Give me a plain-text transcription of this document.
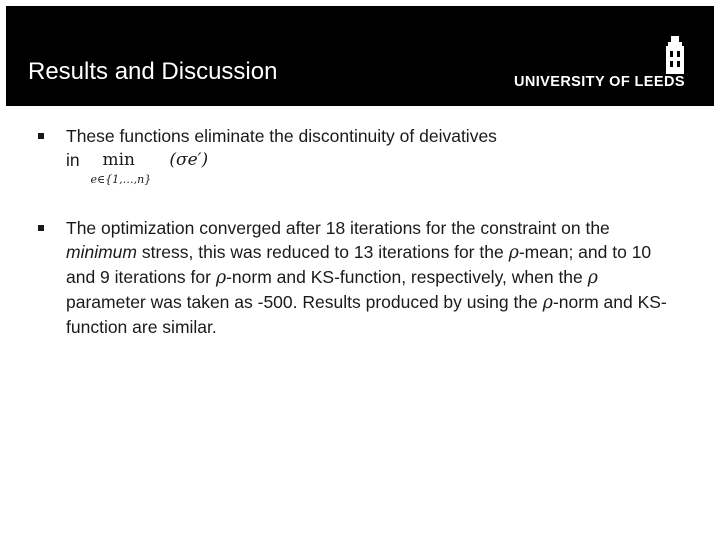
Results and Discussion	UNIVERSITY OF LEEDS
These functions eliminate the discontinuity of deivatives
in min
e∈{1,…,n}
(σe′)
The optimization converged after 18 iterations for the constraint on the minimum stress, this was reduced to 13 iterations for the ρ-mean; and to 10 and 9 iterations for ρ-norm and KS-function, respectively, when the ρ parameter was taken as -500. Results produced by using the ρ-norm and KS-function are similar.
